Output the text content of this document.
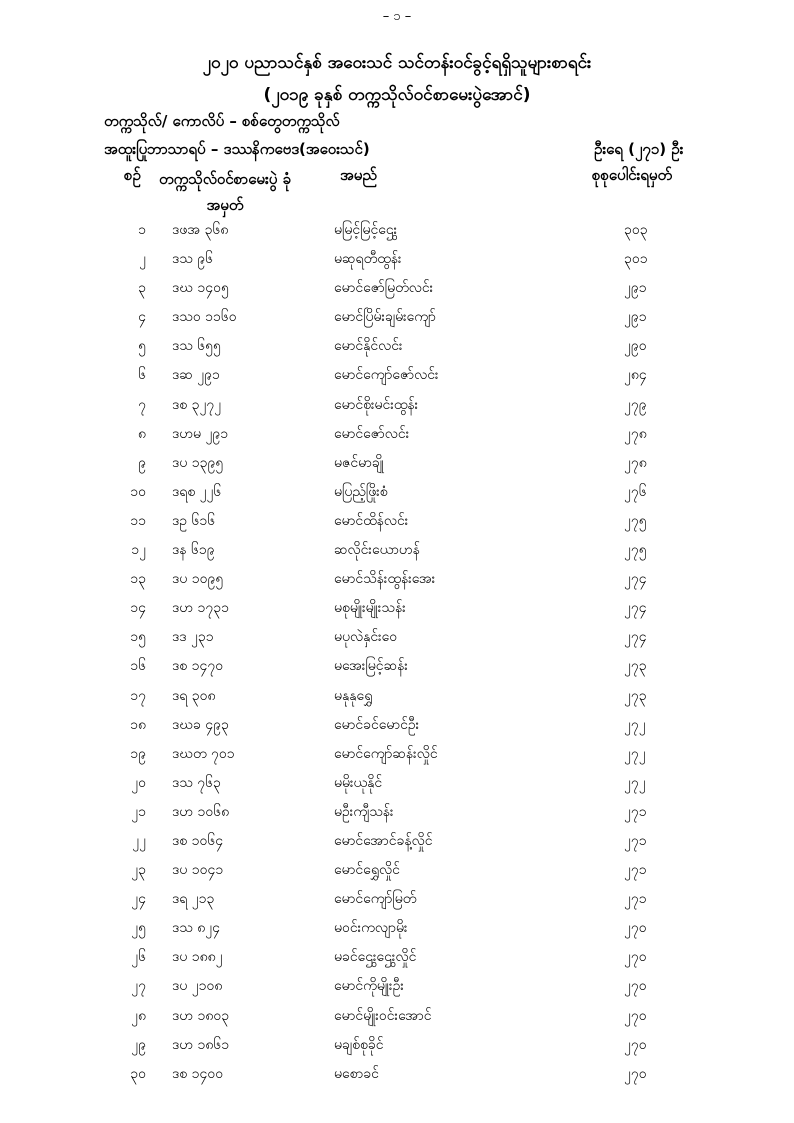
– ၁ –
၂၀၂၀ ပညာသင်နှစ် အဝေးသင် သင်တန်းဝင်ခွင့်ရရှိသူများစာရင်း
(၂၀၁၉ ခုနှစ် တက္ကသိုလ်ဝင်စာမေးပွဲအောင်)
တက္ကသိုလ်/ ကောလိပ် – စစ်တွေတက္ကသိုလ်
အထူးပြုဘာသာရပ် – ဒဿနိကဗေဒ(အဝေးသင်)	ဦးရေ (၂၇၁) ဦး
စဉ်	တက္ကသိုလ်ဝင်စာမေးပွဲ ခုံအမှတ်
အမည်	စုစုပေါင်းရမှတ်
၁ ဒဖအ ၃၆၈	မမြင့်မြင့်ဌွေး	၃၀၃
၂ ဒသ ၉၆	မဆုရတီထွန်း	၃၀၁
၃ ဒဃ ၁၄၀၅	မောင်ဇော်မြတ်လင်း	၂၉၁
၄ ဒသဝ ၁၁၆၀	မောင်ပြိမ်းချမ်းကျော်	၂၉၁
၅ ဒသ ၆၅၅	မောင်နိုင်လင်း	၂၉၀
၆ ဒဆ ၂၉၁	မောင်ကျော်ဇော်လင်း	၂၈၄
၇ ဒစ ၃၂၇၂	မောင်စိုးမင်းထွန်း	၂၇၉
၈ ဒဟမ ၂၉၁	မောင်ဇော်လင်း	၂၇၈
၉ ဒပ ၁၃၉၅	မဇင်မာချို	၂၇၈
၁၀ ဒရစ ၂၂၆	မပြည့်ဖြိုးစံ	၂၇၆
၁၁ ဒဥ ၆၁၆	မောင်ထိန်လင်း	၂၇၅
၁၂ ဒန ၆၁၉	ဆလိုင်းယောဟန်	၂၇၅
၁၃ ဒပ ၁၀၉၅	မောင်သိန်းထွန်းအေး	၂၇၄
၁၄ ဒဟ ၁၇၃၁	မစုမျိုးမျိုးသန်း	၂၇၄
၁၅ ဒဒ ၂၃၁	မပုလဲနှင်းဝေ	၂၇၄
၁၆ ဒစ ၁၄၇၀	မအေးမြင့်ဆန်း	၂၇၃
၁၇ ဒရ ၃၀၈	မနုနုရွှေ	၂၇၃
၁၈ ဒဃခ ၄၉၃	မောင်ခင်မောင်ဦး	၂၇၂
၁၉ ဒဃတ ၇၀၁	မောင်ကျော်ဆန်းလှိုင်	၂၇၂
၂၀ ဒသ ၇၆၃	မမိုးယုနိုင်	၂၇၂
၂၁ ဒဟ ၁၀၆၈	မဦးကျီသန်း	၂၇၁
၂၂ ဒစ ၁၀၆၄	မောင်အောင်ခန့်လှိုင်	၂၇၁
၂၃ ဒပ ၁၀၄၁	မောင်ရွှေလှိုင်	၂၇၁
၂၄ ဒရ ၂၁၃	မောင်ကျော်မြတ်	၂၇၁
၂၅ ဒသ ၈၂၄	မဝင်းကလျာမိုး	၂၇၀
၂၆ ဒပ ၁၈၈၂	မခင်ဌွေးဌွေးလှိုင်	၂၇၀
၂၇ ဒပ ၂၁၀၈	မောင်ကိုမျိုးဦး	၂၇၀
၂၈ ဒဟ ၁၈၀၃	မောင်မျိုးဝင်းအောင်	၂၇၀
၂၉ ဒဟ ၁၈၆၁	မချစ်စုခိုင်	၂၇၀
၃၀ ဒစ ၁၄၀၀	မစောခင်	၂၇၀
